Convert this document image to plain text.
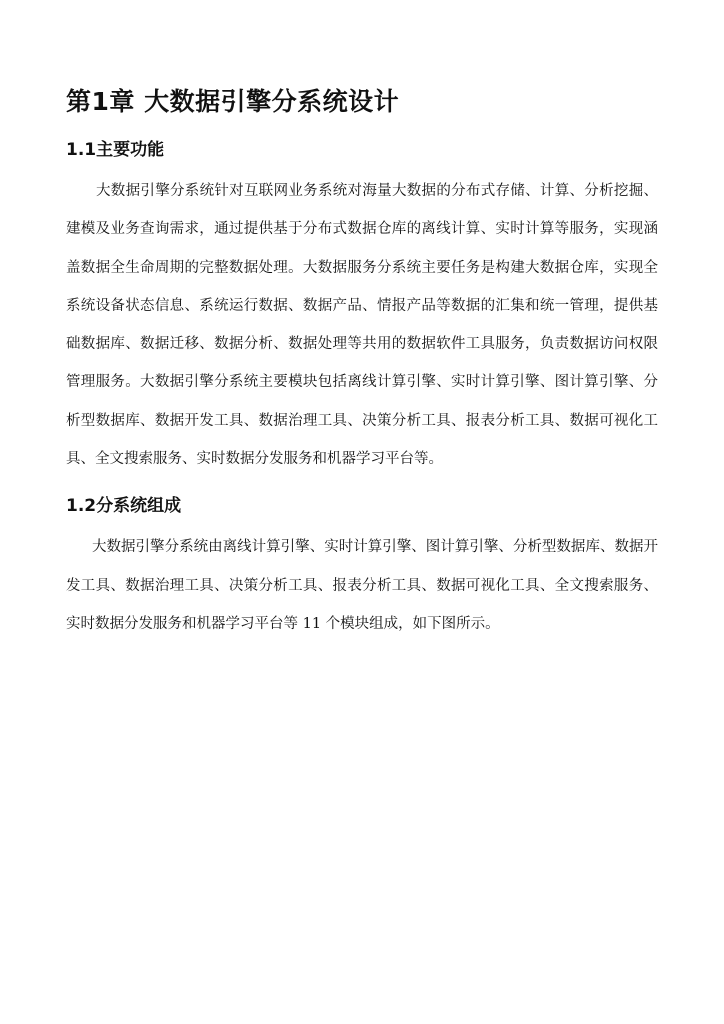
第1章 大数据引擎分系统设计
1.1主要功能

大数据引擎分系统针对互联网业务系统对海量大数据的分布式存储、计算、分析挖掘、建模及业务查询需求，通过提供基于分布式数据仓库的离线计算、实时计算等服务，实现涵盖数据全生命周期的完整数据处理。大数据服务分系统主要任务是构建大数据仓库，实现全系统设备状态信息、系统运行数据、数据产品、情报产品等数据的汇集和统一管理，提供基础数据库、数据迁移、数据分析、数据处理等共用的数据软件工具服务，负责数据访问权限管理服务。大数据引擎分系统主要模块包括离线计算引擎、实时计算引擎、图计算引擎、分析型数据库、数据开发工具、数据治理工具、决策分析工具、报表分析工具、数据可视化工具、全文搜索服务、实时数据分发服务和机器学习平台等。

1.2分系统组成

大数据引擎分系统由离线计算引擎、实时计算引擎、图计算引擎、分析型数据库、数据开发工具、数据治理工具、决策分析工具、报表分析工具、数据可视化工具、全文搜索服务、实时数据分发服务和机器学习平台等 11 个模块组成，如下图所示。
